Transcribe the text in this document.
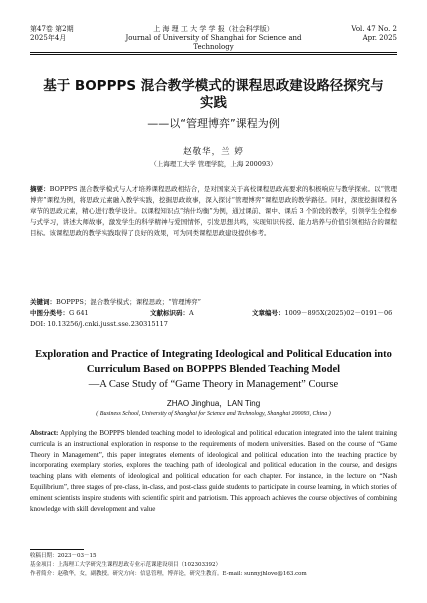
第47卷 第2期
2025年4月
上 海 理 工 大 学 学 报（社会科学版）
Journal of University of Shanghai for Science and Technology
Vol. 47 No. 2
Apr. 2025
基于 BOPPPS 混合教学模式的课程思政建设路径探究与实践
——以“管理博弈”课程为例
赵敬华，兰 婷
（上海理工大学 管理学院，上海 200093）
摘要：BOPPPS 混合教学模式与人才培养课程思政相结合，是对国家关于高校课程思政高要求的积极响应与教学探索。以“管理博弈”课程为例，将思政元素融入教学实践，挖掘思政故事，深入探讨“管理博弈”课程思政的教学路径。同时，深度挖掘课程各章节的思政元素，精心进行教学设计。以课程知识点“纳什均衡”为例，通过课前、课中、课后 3 个阶段的教学，引领学生全程参与式学习，讲述大师故事，激发学生的科学精神与爱国情怀，引发思想共鸣，实现知识传授、能力培养与价值引领相结合的课程目标。该课程思政的教学实践取得了良好的效果，可为同类课程思政建设提供参考。
关键词：BOPPPS；混合教学模式；课程思政；“管理博弈”
中图分类号：G 641	文献标识码：A	文章编号：1009－895X(2025)02－0191－06
DOI: 10.13256/j.cnki.jusst.sse.230315117
Exploration and Practice of Integrating Ideological and Political Education into Curriculum Based on BOPPPS Blended Teaching Model
—A Case Study of “Game Theory in Management” Course
ZHAO Jinghua，LAN Ting
( Business School, University of Shanghai for Science and Technology, Shanghai 200093, China )
Abstract: Applying the BOPPPS blended teaching model to ideological and political education integrated into the talent training curricula is an instructional exploration in response to the requirements of modern universities. Based on the course of “Game Theory in Management”, this paper integrates elements of ideological and political education into the teaching practice by incorporating exemplary stories, explores the teaching path of ideological and political education in the course, and designs teaching plans with elements of ideological and political education for each chapter. For instance, in the lecture on “Nash Equilibrium”, three stages of pre-class, in-class, and post-class guide students to participate in course learning, in which stories of eminent scientists inspire students with scientific spirit and patriotism. This approach achieves the course objectives of combining knowledge with skill development and value
收稿日期：2023－03－15
基金项目：上海理工大学研究生课程思政专业示范课建设项目（102303392）
作者简介：赵敬华，女，副教授。研究方向：信息管理，博弈论，研究生教育。E-mail: sunnyjhlove@163.com
